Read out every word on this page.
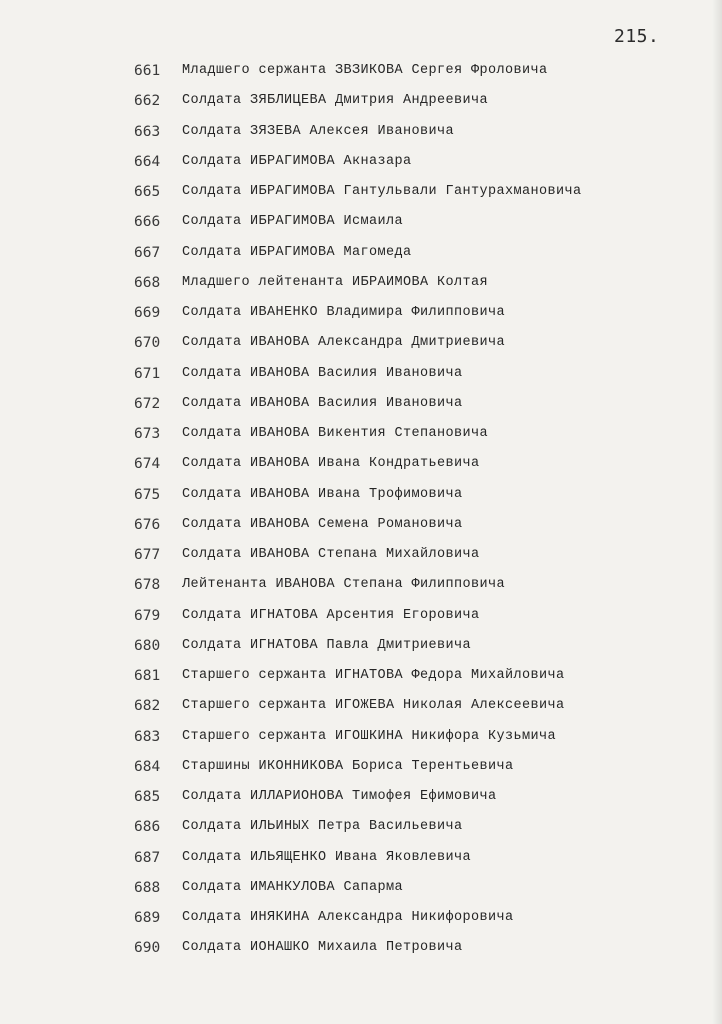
215.
661 Младшего сержанта ЗВЗИКОВА Сергея Фроловича
662 Солдата ЗЯБЛИЦЕВА Дмитрия Андреевича
663 Солдата ЗЯЗЕВА Алексея Ивановича
664 Солдата ИБРАГИМОВА Акназара
665 Солдата ИБРАГИМОВА Гантульвали Гантурахмановича
666 Солдата ИБРАГИМОВА Исмаила
667 Солдата ИБРАГИМОВА Магомеда
668 Младшего лейтенанта ИБРАИМОВА Колтая
669 Солдата ИВАНЕНКО Владимира Филипповича
670 Солдата ИВАНОВА Александра Дмитриевича
671 Солдата ИВАНОВА Василия Ивановича
672 Солдата ИВАНОВА Василия Ивановича
673 Солдата ИВАНОВА Викентия Степановича
674 Солдата ИВАНОВА Ивана Кондратьевича
675 Солдата ИВАНОВА Ивана Трофимовича
676 Солдата ИВАНОВА Семена Романовича
677 Солдата ИВАНОВА Степана Михайловича
678 Лейтенанта ИВАНОВА Степана Филипповича
679 Солдата ИГНАТОВА Арсентия Егоровича
680 Солдата ИГНАТОВА Павла Дмитриевича
681 Старшего сержанта ИГНАТОВА Федора Михайловича
682 Старшего сержанта ИГОЖЕВА Николая Алексеевича
683 Старшего сержанта ИГОШКИНА Никифора Кузьмича
684 Старшины ИКОННИКОВА Бориса Терентьевича
685 Солдата ИЛЛАРИОНОВА Тимофея Ефимовича
686 Солдата ИЛЬИНЫХ Петра Васильевича
687 Солдата ИЛЬЯЩЕНКО Ивана Яковлевича
688 Солдата ИМАНКУЛОВА Сапарма
689 Солдата ИНЯКИНА Александра Никифоровича
690 Солдата ИОНАШКО Михаила Петровича
